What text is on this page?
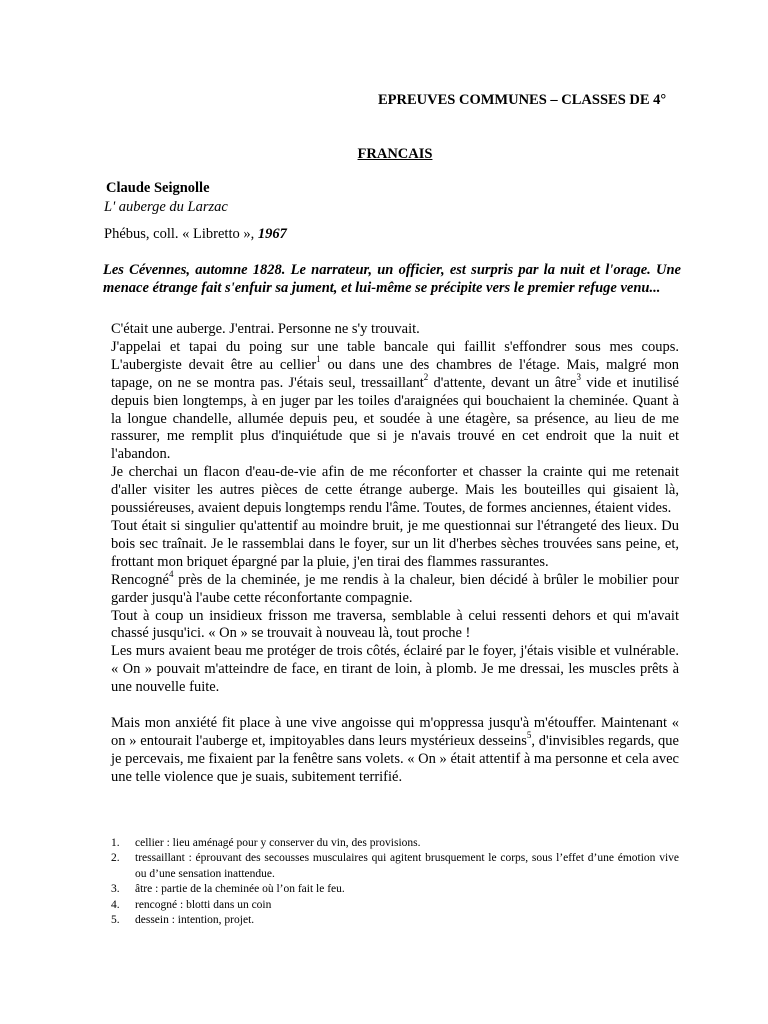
EPREUVES COMMUNES – CLASSES DE 4°
FRANCAIS
Claude Seignolle
L' auberge du Larzac
Phébus, coll. « Libretto », 1967
Les Cévennes, automne 1828. Le narrateur, un officier, est surpris par la nuit et l'orage. Une menace étrange fait s'enfuir sa jument, et lui-même se précipite vers le premier refuge venu...

C'était une auberge. J'entrai. Personne ne s'y trouvait.

J'appelai et tapai du poing sur une table bancale qui faillit s'effondrer sous mes coups. L'aubergiste devait être au cellier$^1$ ou dans une des chambres de l'étage. Mais, malgré mon tapage, on ne se montra pas. J'étais seul, tressaillant$^2$ d'attente, devant un âtre$^3$ vide et inutilisé depuis bien longtemps, à en juger par les toiles d'araignées qui bouchaient la cheminée. Quant à la longue chandelle, allumée depuis peu, et soudée à une étagère, sa présence, au lieu de me rassurer, me remplit plus d'inquiétude que si je n'avais trouvé en cet endroit que la nuit et l'abandon.

Je cherchai un flacon d'eau-de-vie afin de me réconforter et chasser la crainte qui me retenait d'aller visiter les autres pièces de cette étrange auberge. Mais les bouteilles qui gisaient là, poussiéreuses, avaient depuis longtemps rendu l'âme. Toutes, de formes anciennes, étaient vides.

Tout était si singulier qu'attentif au moindre bruit, je me questionnai sur l'étrangeté des lieux. Du bois sec traînait. Je le rassemblai dans le foyer, sur un lit d'herbes sèches trouvées sans peine, et, frottant mon briquet épargné par la pluie, j'en tirai des flammes rassurantes.

Rencogné$^4$ près de la cheminée, je me rendis à la chaleur, bien décidé à brûler le mobilier pour garder jusqu'à l'aube cette réconfortante compagnie.

Tout à coup un insidieux frisson me traversa, semblable à celui ressenti dehors et qui m'avait chassé jusqu'ici. « On » se trouvait à nouveau là, tout proche !

Les murs avaient beau me protéger de trois côtés, éclairé par le foyer, j'étais visible et vulnérable. « On » pouvait m'atteindre de face, en tirant de loin, à plomb. Je me dressai, les muscles prêts à une nouvelle fuite.

Mais mon anxiété fit place à une vive angoisse qui m'oppressa jusqu'à m'étouffer. Maintenant « on » entourait l'auberge et, impitoyables dans leurs mystérieux desseins$^5$, d'invisibles regards, que je percevais, me fixaient par la fenêtre sans volets. « On » était attentif à ma personne et cela avec une telle violence que je suais, subitement terrifié.

1. cellier : lieu aménagé pour y conserver du vin, des provisions.
2. tressaillant : éprouvant des secousses musculaires qui agitent brusquement le corps, sous l’effet d’une émotion vive ou d’une sensation inattendue.
3. âtre : partie de la cheminée où l’on fait le feu.
4. rencogné : blotti dans un coin
5. dessein : intention, projet.
